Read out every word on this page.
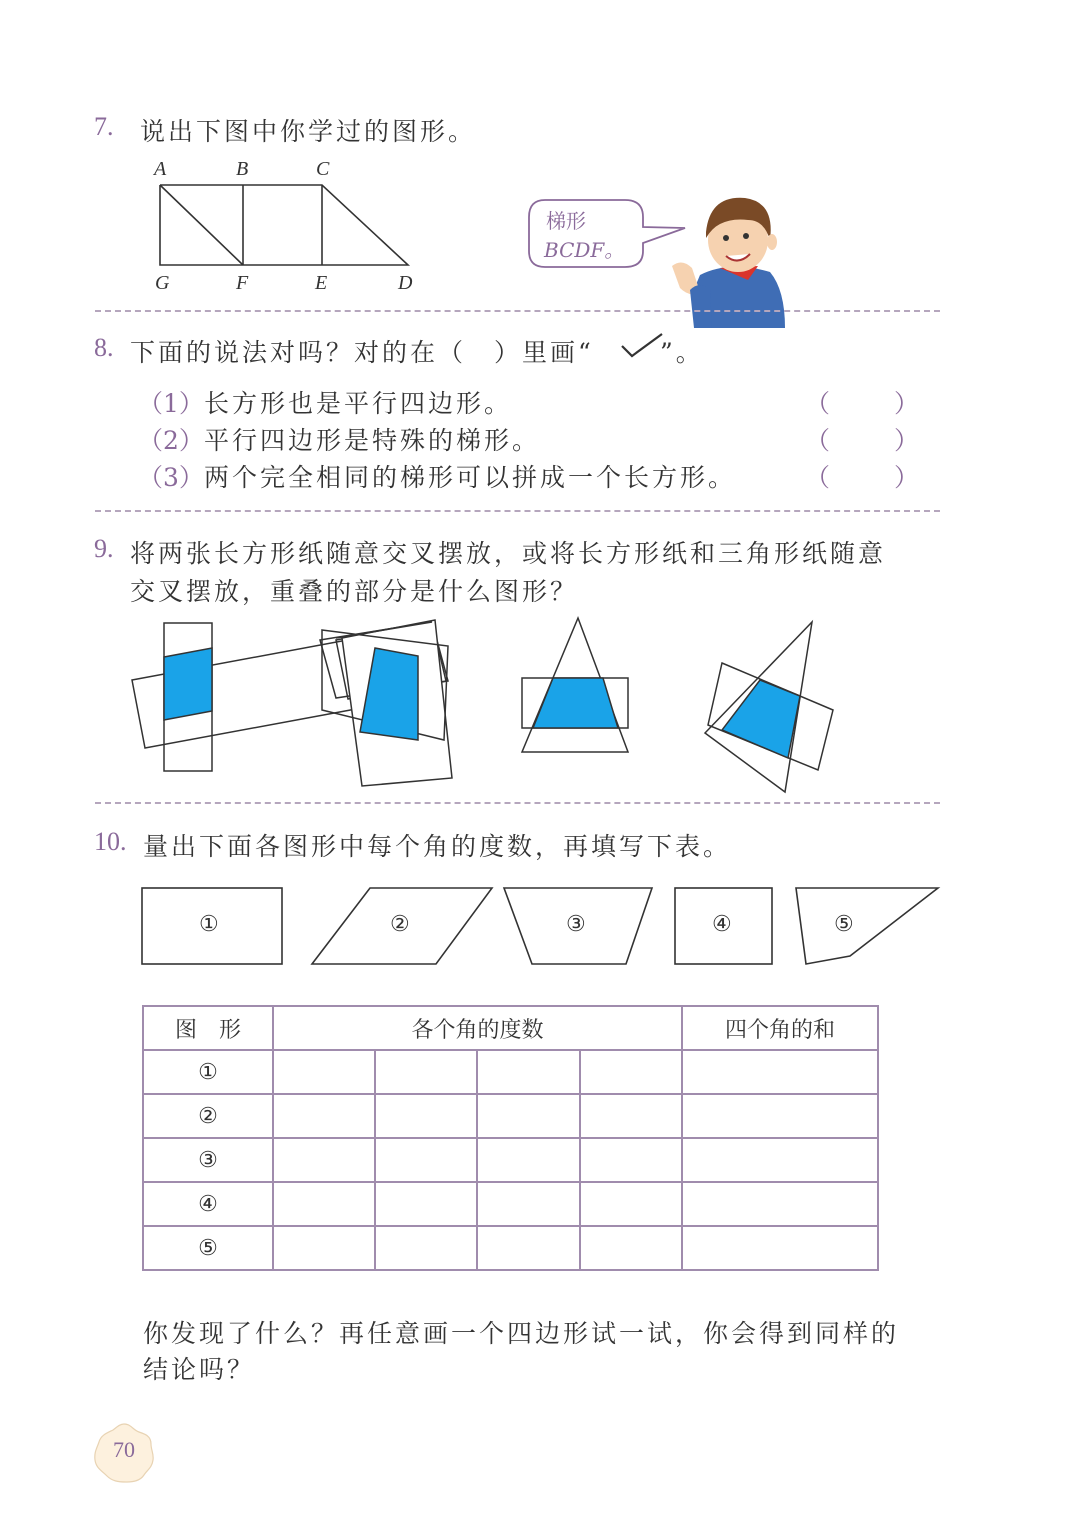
7. 说出下图中你学过的图形。
A	B	C
G	F	E	D
梯形
BCDF。
8. 下面的说法对吗？对的在（　）里画“	”。
（1） 长方形也是平行四边形。	（ ）
（2） 平行四边形是特殊的梯形。	（ ）
（3） 两个完全相同的梯形可以拼成一个长方形。	（ ）
9. 将两张长方形纸随意交叉摆放，或将长方形纸和三角形纸随意
交叉摆放，重叠的部分是什么图形？
10. 量出下面各图形中每个角的度数，再填写下表。
①	②	③	④	⑤
图　形	各个角的度数				四个角的和
①					
②					
③					
④					
⑤					
你发现了什么？再任意画一个四边形试一试，你会得到同样的
结论吗？
70
